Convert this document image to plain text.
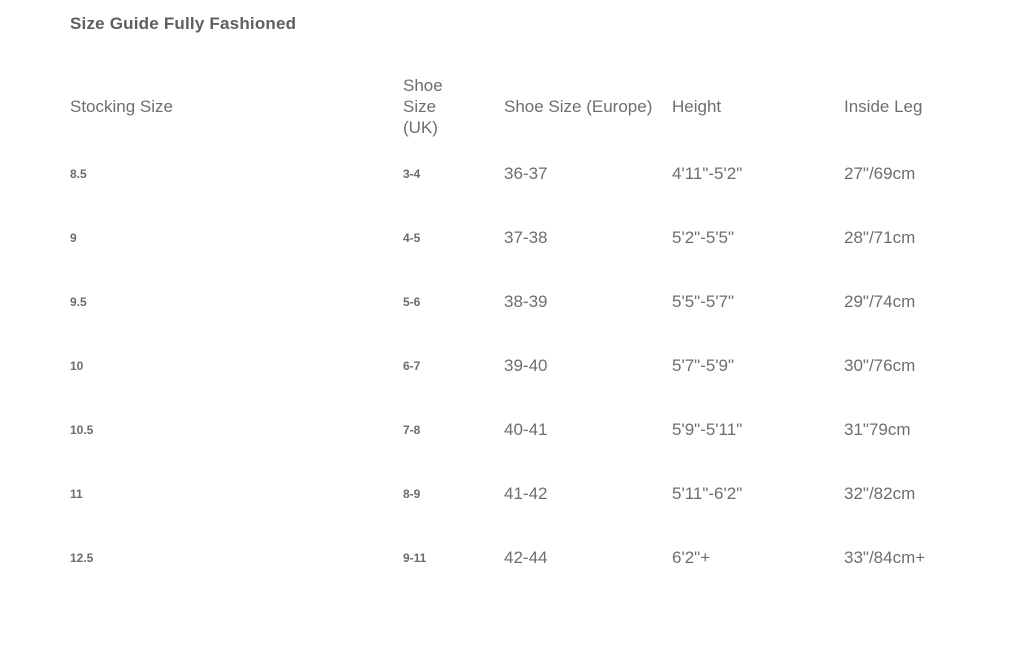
Size Guide Fully Fashioned
Stocking Size	Shoe Size (UK)	Shoe Size (Europe)	Height	Inside Leg
8.5	3-4	36-37	4'11"-5'2"	27"/69cm
9	4-5	37-38	5'2"-5'5"	28"/71cm
9.5	5-6	38-39	5'5"-5'7"	29"/74cm
10	6-7	39-40	5'7"-5'9"	30"/76cm
10.5	7-8	40-41	5'9"-5'11"	31"79cm
11	8-9	41-42	5'11"-6'2"	32"/82cm
12.5	9-11	42-44	6'2"+	33"/84cm+
